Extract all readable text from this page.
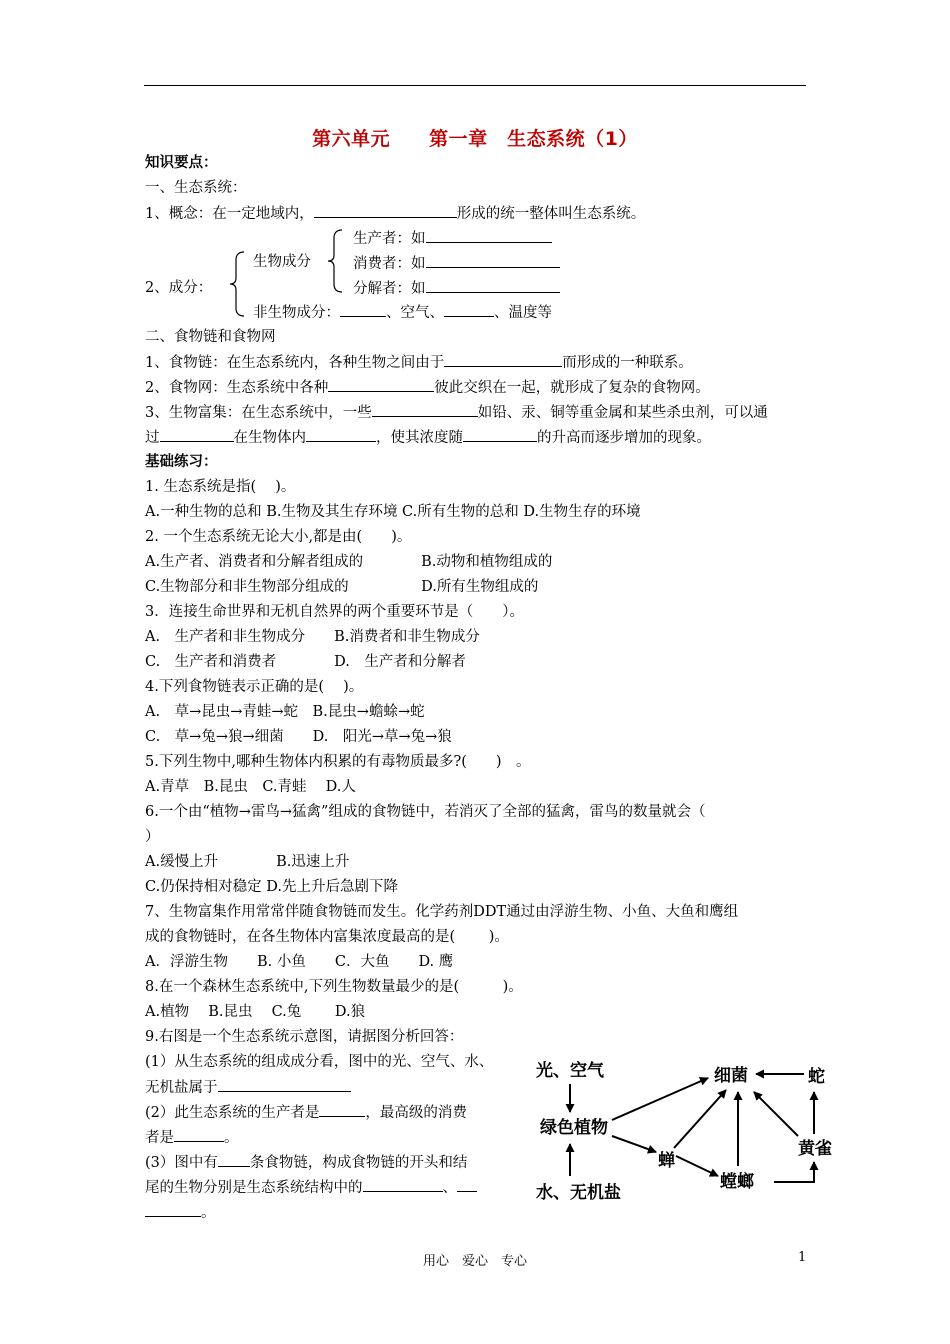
第六单元　　第一章　生态系统（1）
知识要点：
一、生态系统：
1、概念：在一定地域内，	形成的统一整体叫生态系统。
2、成分：
生物成分
生产者：如
消费者：如
分解者：如
非生物成分：	、空气、	、温度等
二、食物链和食物网
1、食物链：在生态系统内，各种生物之间由于	而形成的一种联系。
2、食物网：生态系统中各种	彼此交织在一起，就形成了复杂的食物网。
3、生物富集：在生态系统中，一些	如铅、汞、铜等重金属和某些杀虫剂，可以通
过	在生物体内	，使其浓度随	的升高而逐步增加的现象。
基础练习：
1. 生态系统是指(　 )。
A.一种生物的总和 B.生物及其生存环境 C.所有生物的总和 D.生物生存的环境
2. 一个生态系统无论大小,都是由(　　)。
A.生产者、消费者和分解者组成的　　　　B.动物和植物组成的
C.生物部分和非生物部分组成的　　　　　D.所有生物组成的
3．连接生命世界和无机自然界的两个重要环节是（　　）。
A.　生产者和非生物成分　　B.消费者和非生物成分
C.　生产者和消费者　　　　D.　生产者和分解者
4.下列食物链表示正确的是(　 )。
A.　草→昆虫→青蛙→蛇　B.昆虫→蟾蜍→蛇
C.　草→兔→狼→细菌　　D.　阳光→草→兔→狼
5.下列生物中,哪种生物体内积累的有毒物质最多?(　　)　。
A.青草　B.昆虫　C.青蛙　 D.人
6.一个由“植物→雷鸟→猛禽”组成的食物链中，若消灭了全部的猛禽，雷鸟的数量就会（
）
A.缓慢上升　　　　B.迅速上升
C.仍保持相对稳定 D.先上升后急剧下降
7、生物富集作用常常伴随食物链而发生。化学药剂DDT通过由浮游生物、小鱼、大鱼和鹰组
成的食物链时，在各生物体内富集浓度最高的是(　　 )。
A．浮游生物　　B. 小鱼　　C．大鱼　　D. 鹰
8.在一个森林生态系统中,下列生物数量最少的是(　　　)。
A.植物　 B.昆虫　 C.兔　　 D.狼
9.右图是一个生态系统示意图，请据图分析回答：
(1）从生态系统的组成成分看，图中的光、空气、水、
无机盐属于
(2）此生态系统的生产者是	，最高级的消费
者是	。
(3）图中有 条食物链，构成食物链的开头和结
尾的生物分别是生态系统结构中的	、
。
光、空气
绿色植物
水、无机盐
细菌	蛇
蝉
螳螂
黄雀
用心　爱心　专心	1
